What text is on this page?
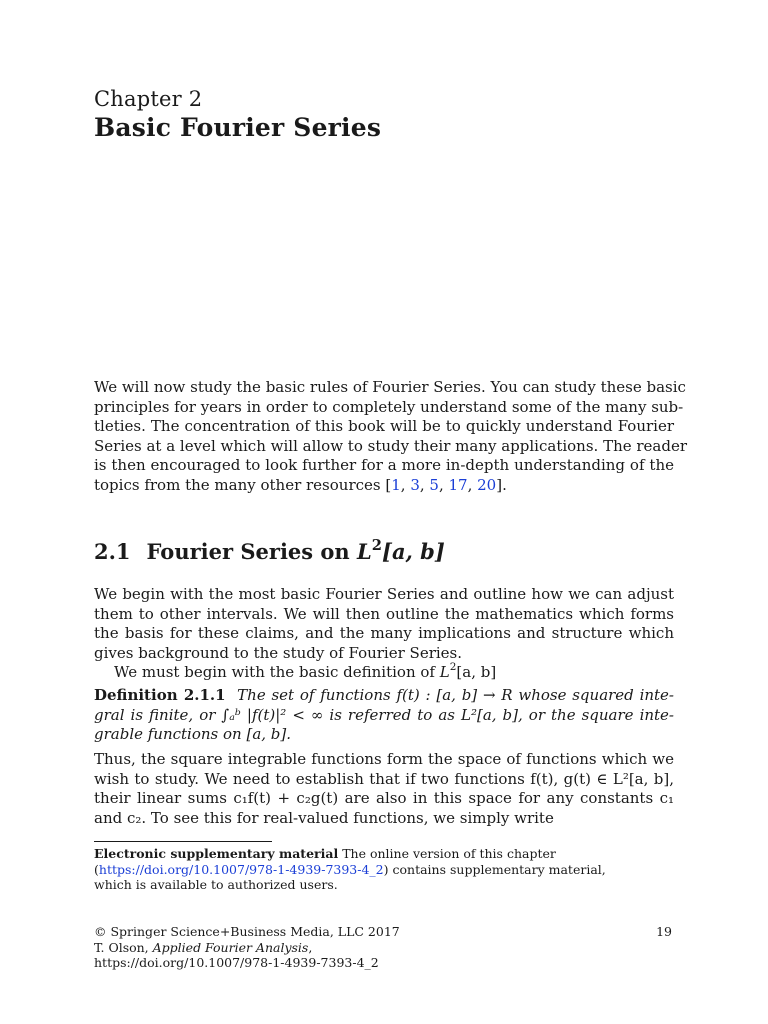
Chapter 2
Basic Fourier Series
We will now study the basic rules of Fourier Series. You can study these basic
principles for years in order to completely understand some of the many sub-
tleties. The concentration of this book will be to quickly understand Fourier
Series at a level which will allow to study their many applications. The reader
is then encouraged to look further for a more in-depth understanding of the
topics from the many other resources [1, 3, 5, 17, 20].
2.1 Fourier Series on $L^2[a$, b]
We begin with the most basic Fourier Series and outline how we can adjust
them to other intervals. We will then outline the mathematics which forms
the basis for these claims, and the many implications and structure which
gives background to the study of Fourier Series.
We must begin with the basic definition of $L^2[a$, b]
Definition 2.1.1 The set of functions f(t) : [a, b] → R whose squared inte-
gral is finite, or ∫ₐᵇ |f(t)|² < ∞ is referred to as L²[a, b], or the square inte-
grable functions on [a, b].
Thus, the square integrable functions form the space of functions which we
wish to study. We need to establish that if two functions f(t), g(t) ∈ L²[a, b],
their linear sums c₁f(t) + c₂g(t) are also in this space for any constants c₁
and c₂. To see this for real-valued functions, we simply write
Electronic supplementary material The online version of this chapter
(https://doi.org/10.1007/978-1-4939-7393-4_2) contains supplementary material,
which is available to authorized users.
© Springer Science+Business Media, LLC 2017
T. Olson, Applied Fourier Analysis,
https://doi.org/10.1007/978-1-4939-7393-4_2
19
